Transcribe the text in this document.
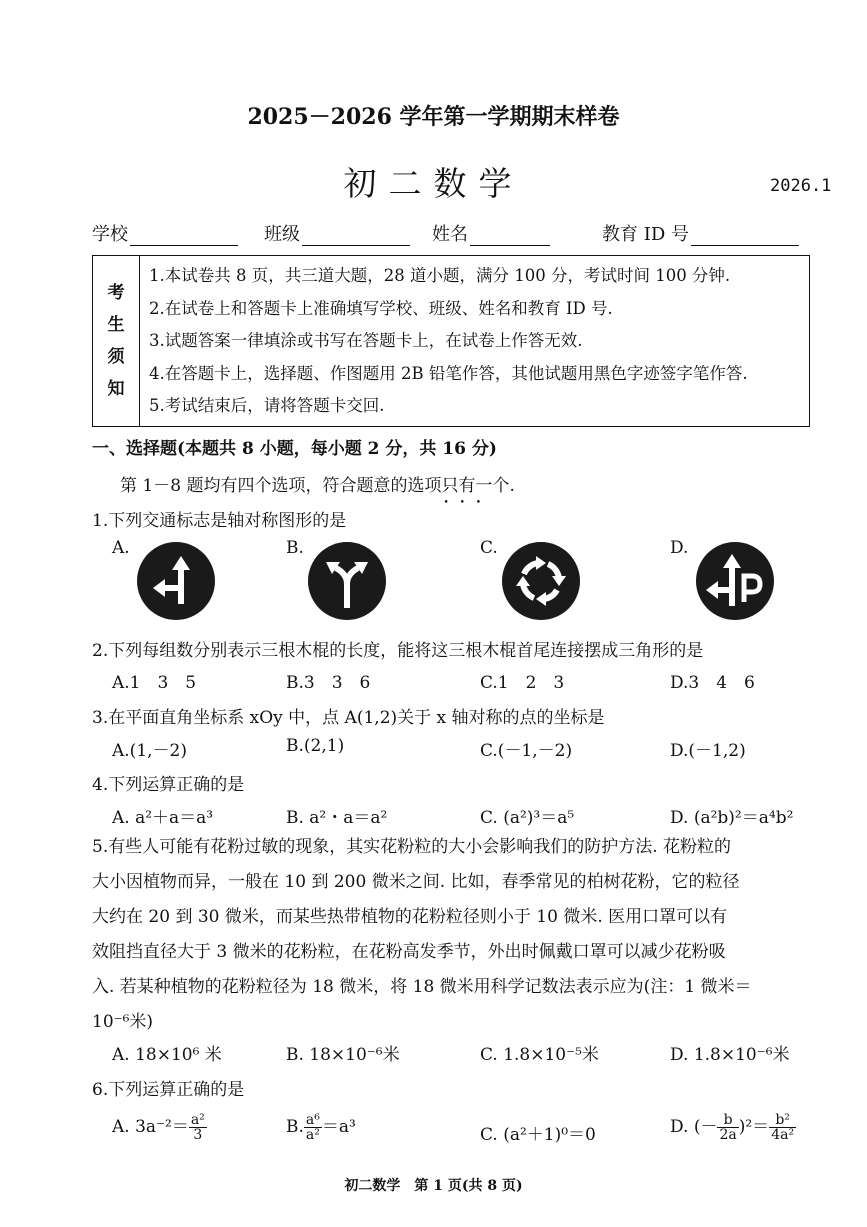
2025－2026 学年第一学期期末样卷
初二数学	2026.1
学校	班级	姓名	教育 ID 号
考
生
须
知
1.本试卷共 8 页，共三道大题，28 道小题，满分 100 分，考试时间 100 分钟.
2.在试卷上和答题卡上准确填写学校、班级、姓名和教育 ID 号.
3.试题答案一律填涂或书写在答题卡上，在试卷上作答无效.
4.在答题卡上，选择题、作图题用 2B 铅笔作答，其他试题用黑色字迹签字笔作答.
5.考试结束后，请将答题卡交回.
一、选择题(本题共 8 小题，每小题 2 分，共 16 分)
第 1－8 题均有四个选项，符合题意的选项只有一 • • •个.
1.下列交通标志是轴对称图形的是
A.	B.	C.	D.
2.下列每组数分别表示三根木棍的长度，能将这三根木棍首尾连接摆成三角形的是
A.1　3　5	B.3　3　6	C.1　2　3	D.3　4　6
3.在平面直角坐标系 xOy 中，点 A(1,2)关于 x 轴对称的点的坐标是
A.(1,－2)	B.(2,1)	C.(－1,－2)	D.(－1,2)
4.下列运算正确的是
A. a²＋a＝a³	B. a²・a＝a²	C. (a²)³＝a⁵	D. (a²b)²＝a⁴b²
5.有些人可能有花粉过敏的现象，其实花粉粒的大小会影响我们的防护方法. 花粉粒的
大小因植物而异，一般在 10 到 200 微米之间. 比如，春季常见的柏树花粉，它的粒径
大约在 20 到 30 微米，而某些热带植物的花粉粒径则小于 10 微米. 医用口罩可以有
效阻挡直径大于 3 微米的花粉粒，在花粉高发季节，外出时佩戴口罩可以减少花粉吸
入. 若某种植物的花粉粒径为 18 微米，将 18 微米用科学记数法表示应为(注：1 微米＝
10⁻⁶米)
A. 18×10⁶ 米	B. 18×10⁻⁶米	C. 1.8×10⁻⁵米	D. 1.8×10⁻⁶米
6.下列运算正确的是
A. $3a^{-2}= \frac{\text{a²}}{3}$	B. $\frac{\text{a⁶}}{\text{a²}} =a^3$	C. (a²＋1)⁰＝0	D. (－ $\frac{b}{2a} )^2= \frac{\text{b²}}{\text{4a²}}$
初二数学　第 1 页(共 8 页)
